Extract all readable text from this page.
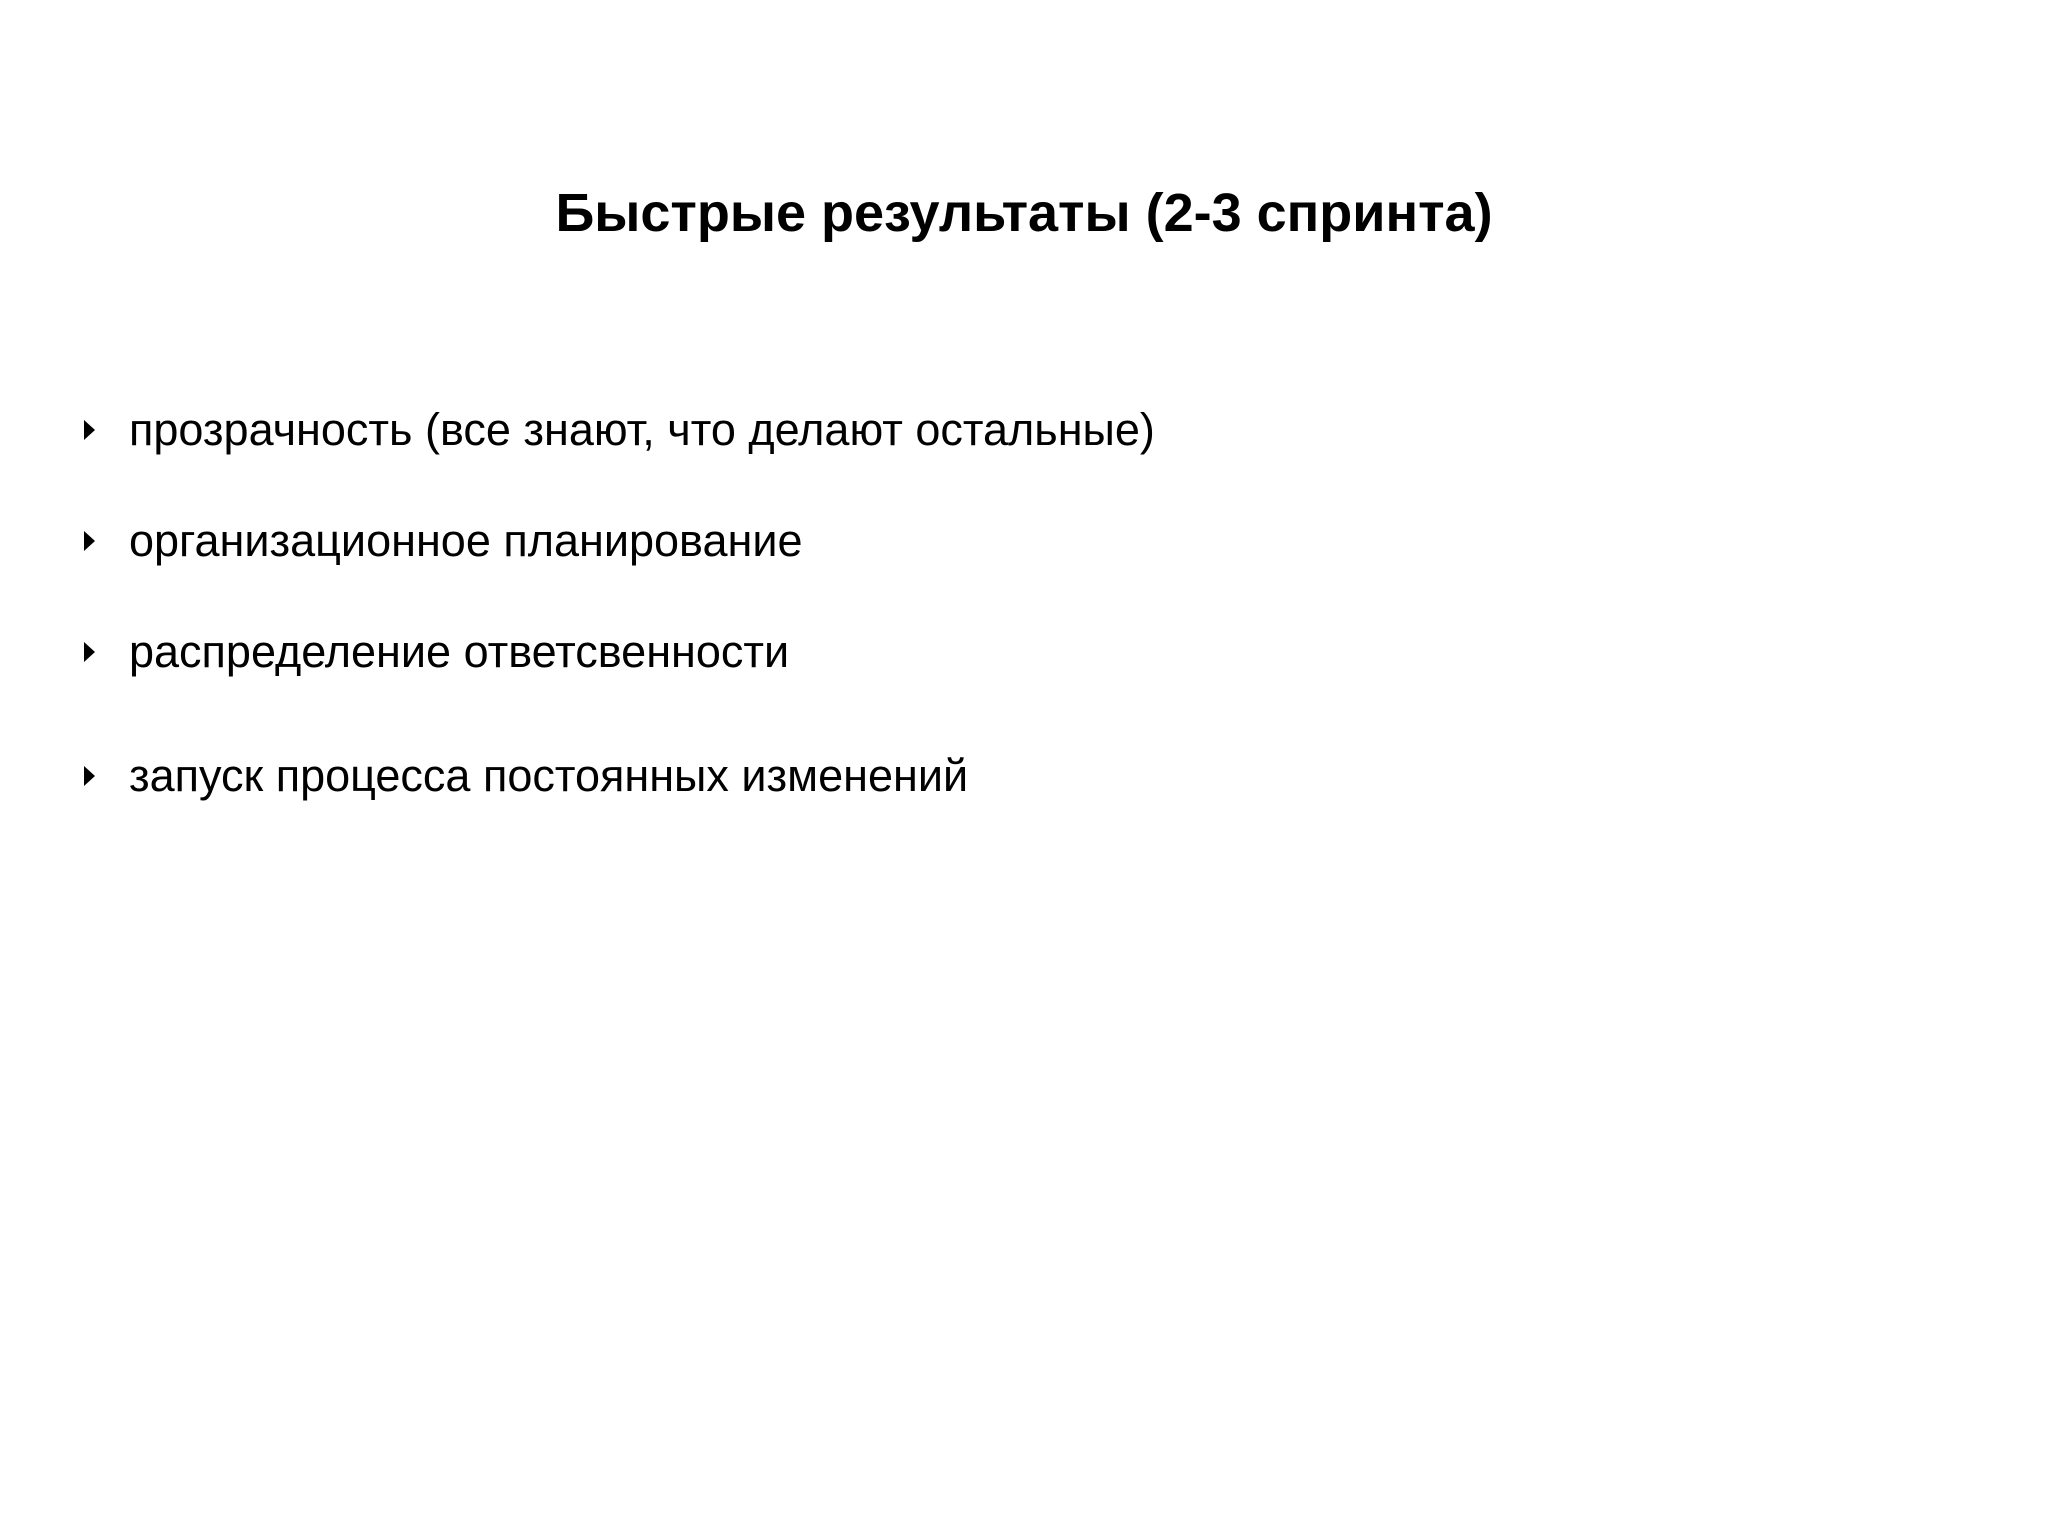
Быстрые результаты (2-3 спринта)
прозрачность (все знают, что делают остальные)
организационное планирование
распределение ответсвенности
запуск процесса постоянных изменений
